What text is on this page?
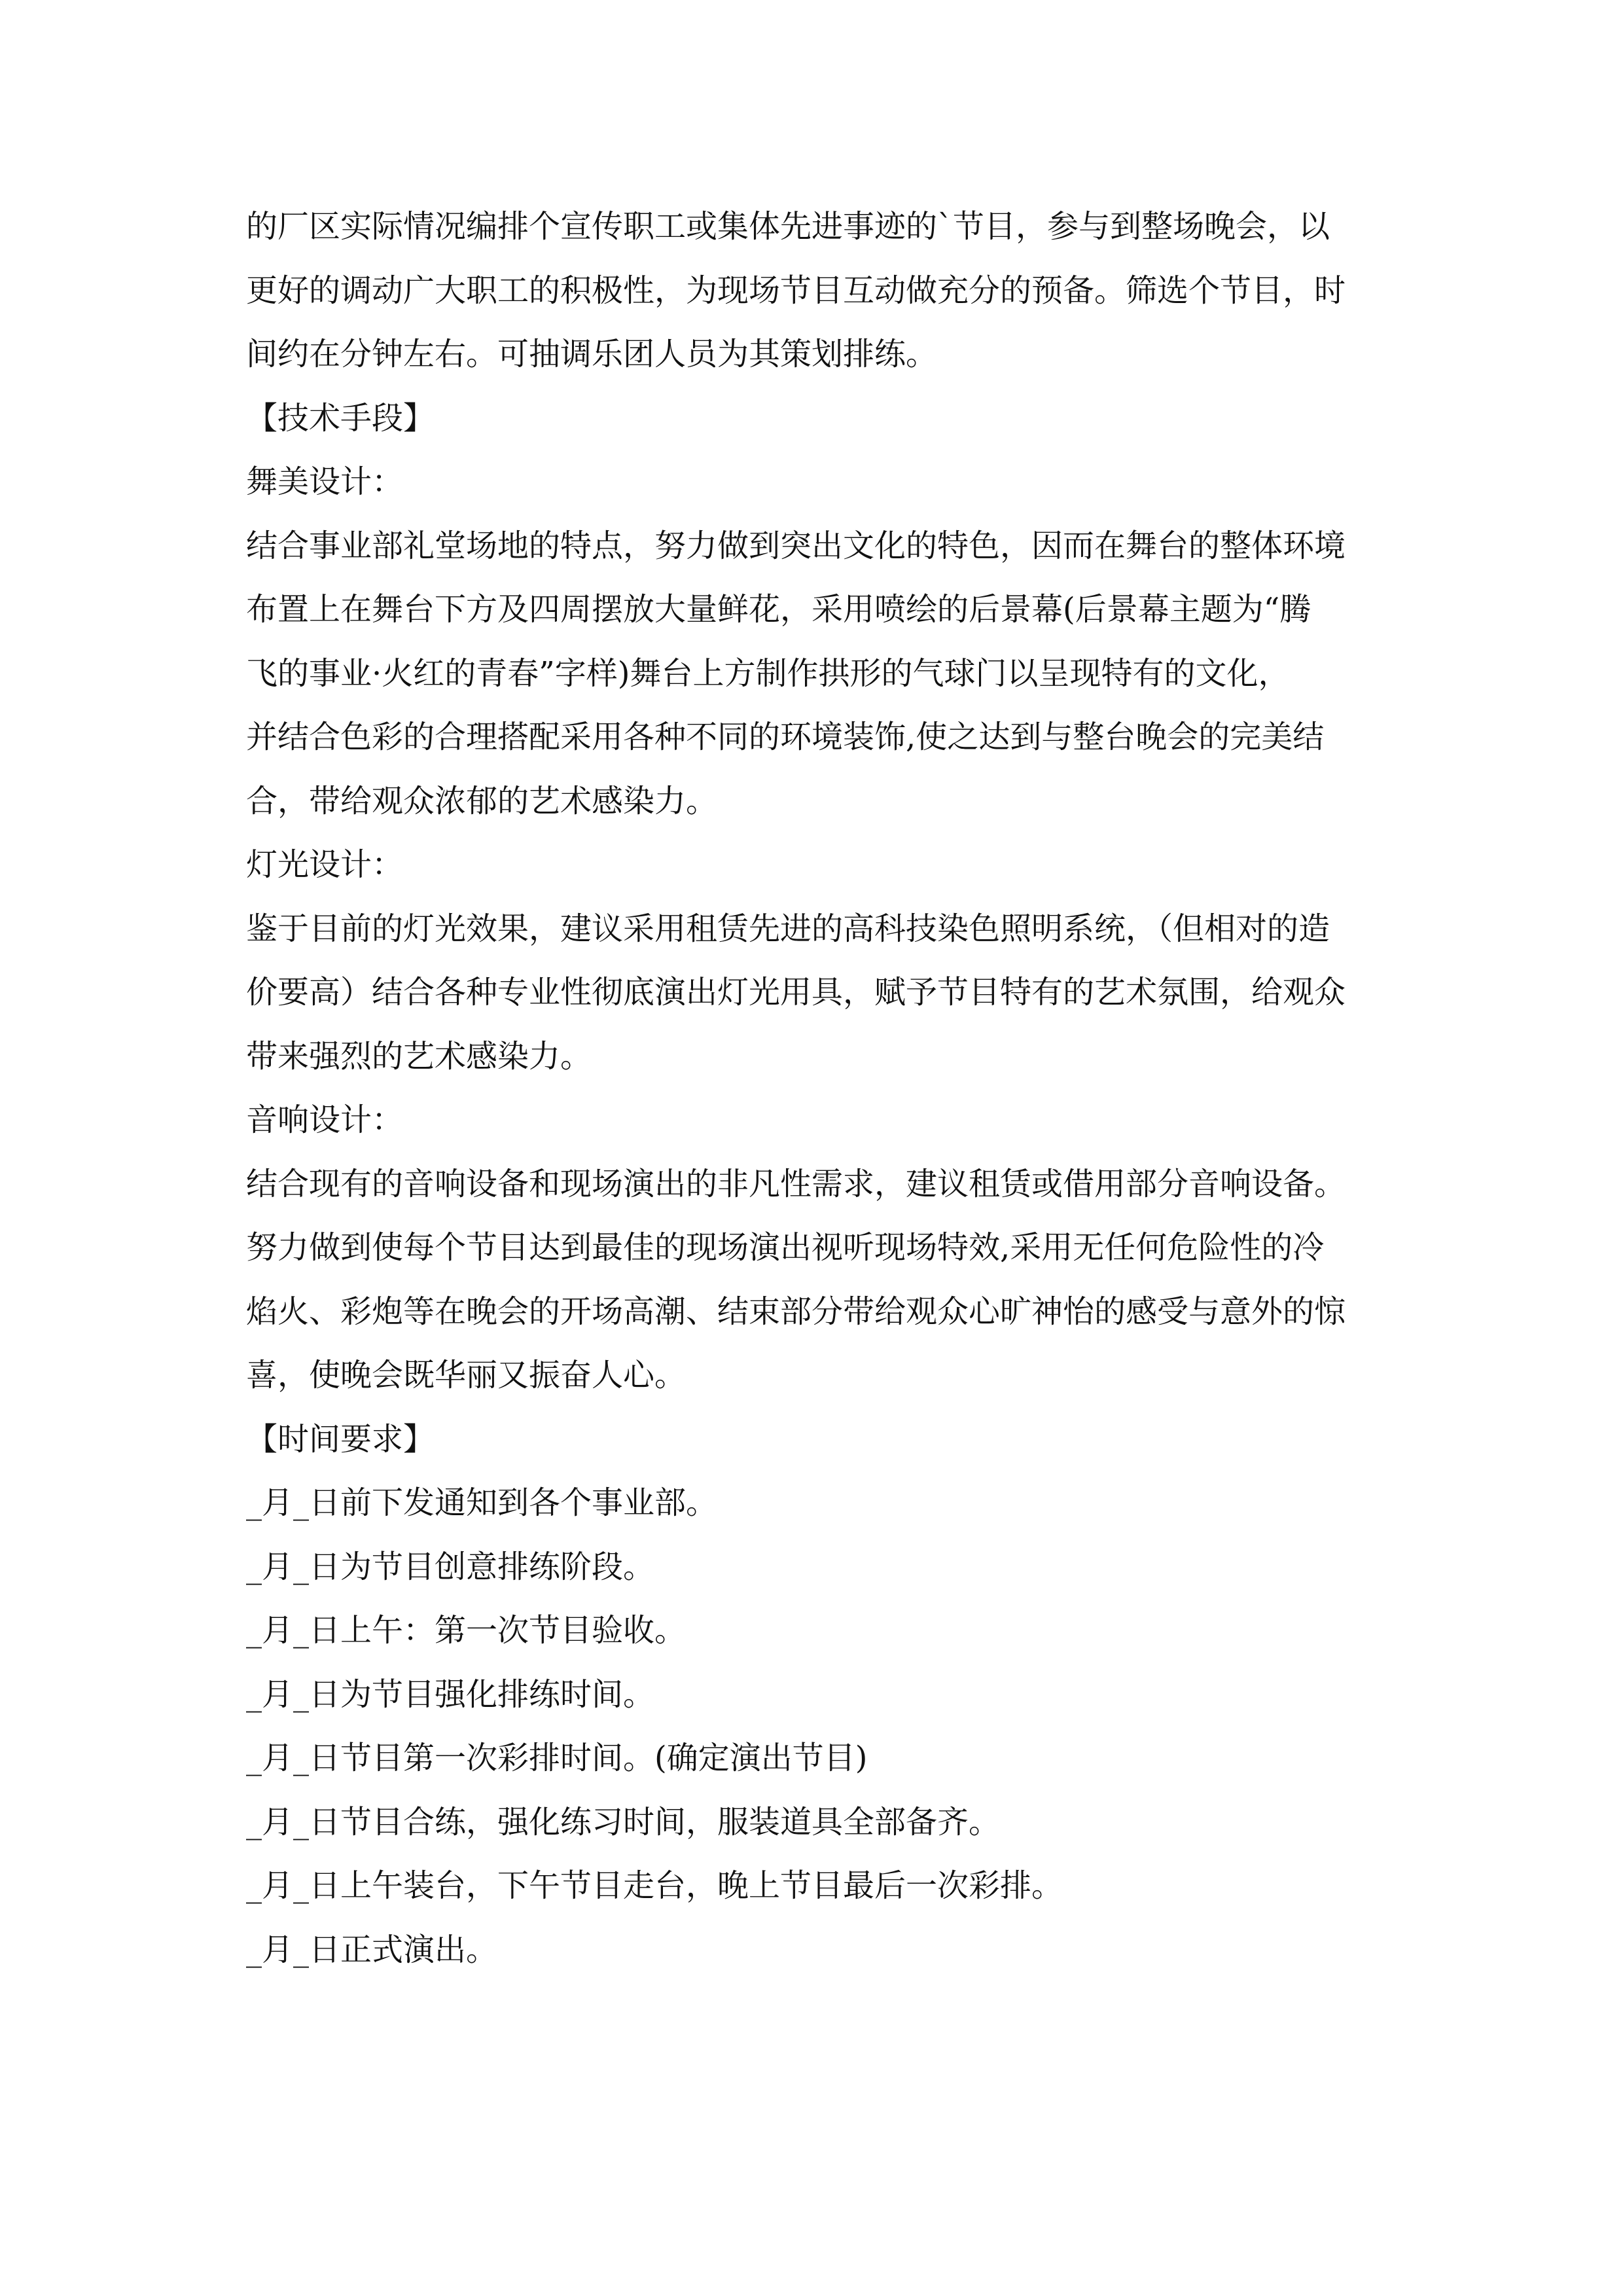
的厂区实际情况编排个宣传职工或集体先进事迹的`节目，参与到整场晚会，以

更好的调动广大职工的积极性，为现场节目互动做充分的预备。筛选个节目，时

间约在分钟左右。可抽调乐团人员为其策划排练。

【技术手段】

舞美设计：

结合事业部礼堂场地的特点，努力做到突出文化的特色，因而在舞台的整体环境

布置上在舞台下方及四周摆放大量鲜花，采用喷绘的后景幕(后景幕主题为“腾

飞的事业·火红的青春”字样)舞台上方制作拱形的气球门以呈现特有的文化，

并结合色彩的合理搭配采用各种不同的环境装饰,使之达到与整台晚会的完美结

合，带给观众浓郁的艺术感染力。

灯光设计：

鉴于目前的灯光效果，建议采用租赁先进的高科技染色照明系统，（但相对的造

价要高）结合各种专业性彻底演出灯光用具，赋予节目特有的艺术氛围，给观众

带来强烈的艺术感染力。

音响设计：

结合现有的音响设备和现场演出的非凡性需求，建议租赁或借用部分音响设备。

努力做到使每个节目达到最佳的现场演出视听现场特效,采用无任何危险性的冷

焰火、彩炮等在晚会的开场高潮、结束部分带给观众心旷神怡的感受与意外的惊

喜，使晚会既华丽又振奋人心。

【时间要求】

_月_日前下发通知到各个事业部。

_月_日为节目创意排练阶段。

_月_日上午：第一次节目验收。

_月_日为节目强化排练时间。

_月_日节目第一次彩排时间。(确定演出节目)

_月_日节目合练，强化练习时间，服装道具全部备齐。

_月_日上午装台，下午节目走台，晚上节目最后一次彩排。

_月_日正式演出。
